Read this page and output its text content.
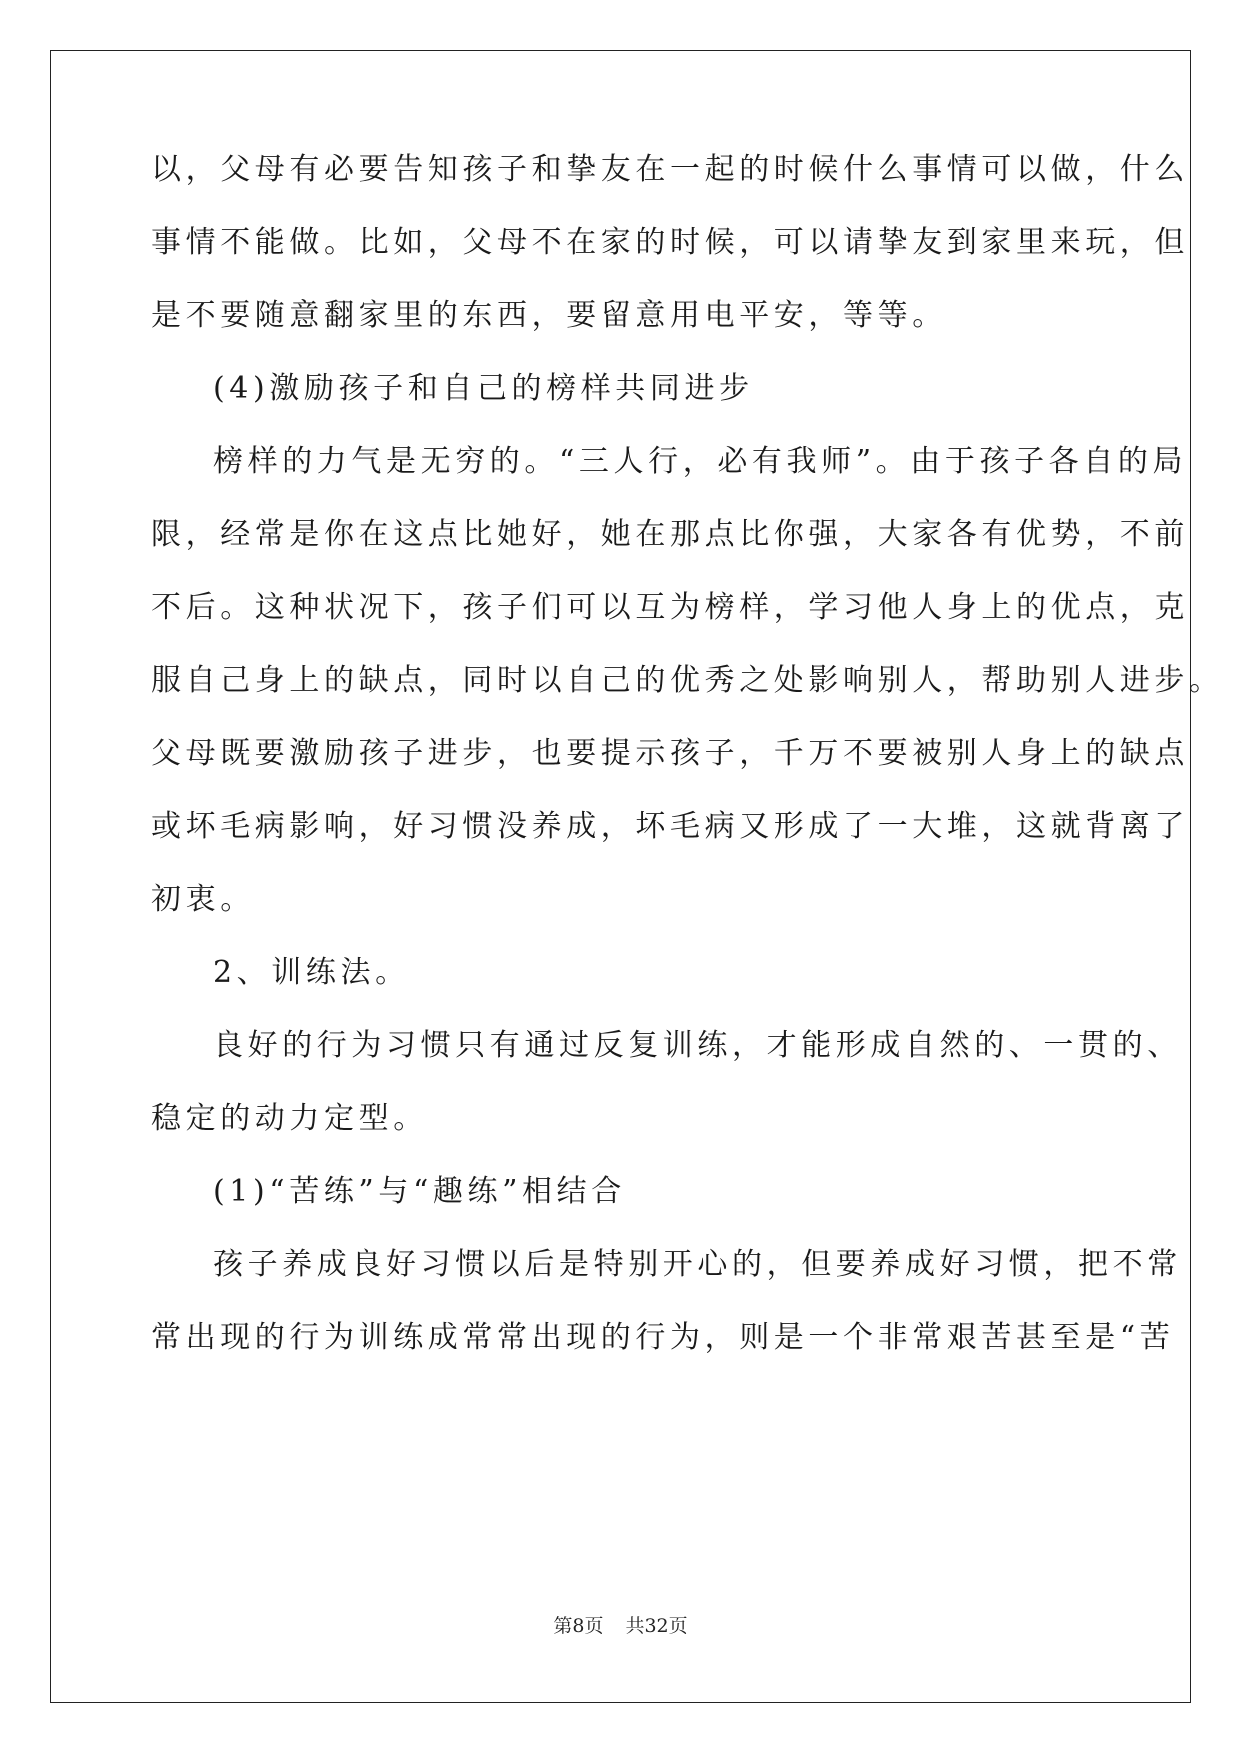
以，父母有必要告知孩子和挚友在一起的时候什么事情可以做，什么
事情不能做。比如，父母不在家的时候，可以请挚友到家里来玩，但
是不要随意翻家里的东西，要留意用电平安，等等。
(4)激励孩子和自己的榜样共同进步
榜样的力气是无穷的。“三人行，必有我师”。由于孩子各自的局
限，经常是你在这点比她好，她在那点比你强，大家各有优势，不前
不后。这种状况下，孩子们可以互为榜样，学习他人身上的优点，克
服自己身上的缺点，同时以自己的优秀之处影响别人，帮助别人进步。
父母既要激励孩子进步，也要提示孩子，千万不要被别人身上的缺点
或坏毛病影响，好习惯没养成，坏毛病又形成了一大堆，这就背离了
初衷。
2、训练法。
良好的行为习惯只有通过反复训练，才能形成自然的、一贯的、
稳定的动力定型。
(1)“苦练”与“趣练”相结合
孩子养成良好习惯以后是特别开心的，但要养成好习惯，把不常
常出现的行为训练成常常出现的行为，则是一个非常艰苦甚至是“苦
第8页 共32页
